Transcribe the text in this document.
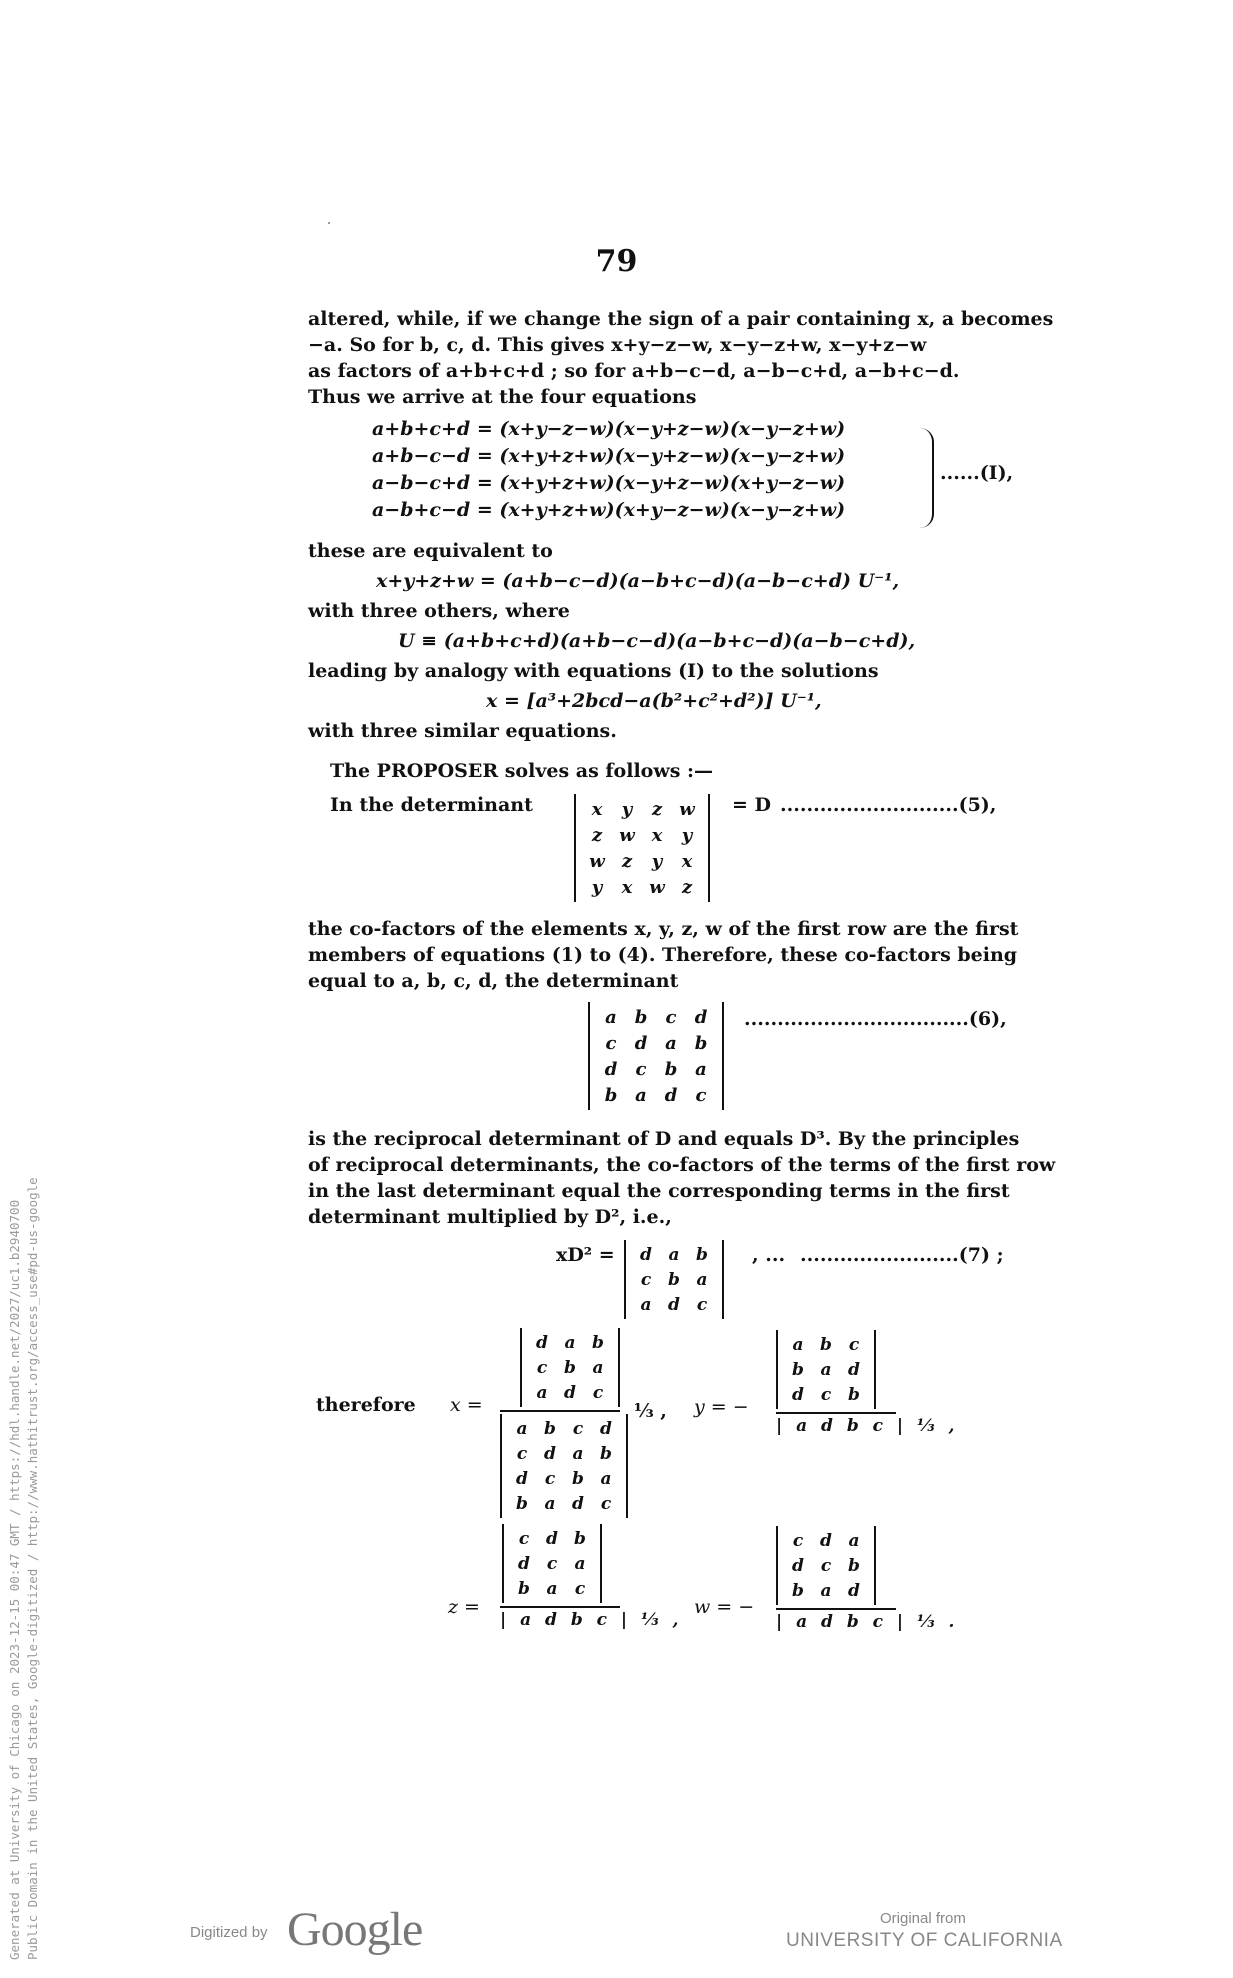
79
altered, while, if we change the sign of a pair containing x, a becomes
−a. So for b, c, d. This gives x+y−z−w, x−y−z+w, x−y+z−w
as factors of a+b+c+d ; so for a+b−c−d, a−b−c+d, a−b+c−d.
Thus we arrive at the four equations
a+b+c+d = (x+y−z−w)(x−y+z−w)(x−y−z+w)
a+b−c−d = (x+y+z+w)(x−y+z−w)(x−y−z+w)
a−b−c+d = (x+y+z+w)(x−y+z−w)(x+y−z−w)
a−b+c−d = (x+y+z+w)(x+y−z−w)(x−y−z+w)
......(I),
these are equivalent to
x+y+z+w = (a+b−c−d)(a−b+c−d)(a−b−c+d) U⁻¹,
with three others, where
U ≡ (a+b+c+d)(a+b−c−d)(a−b+c−d)(a−b−c+d),
leading by analogy with equations (I) to the solutions
x = [a³+2bcd−a(b²+c²+d²)] U⁻¹,
with three similar equations.
The PROPOSER solves as follows :—
In the determinant	x	y	z	w
z	w	x	y
w	z	y	x
y	x	w	z
= D ...........................(5),
the co-factors of the elements x, y, z, w of the first row are the first
members of equations (1) to (4). Therefore, these co-factors being
equal to a, b, c, d, the determinant
a	b	c	d
c	d	a	b
d	c	b	a
b	a	d	c
..................................(6),
is the reciprocal determinant of D and equals D³. By the principles
of reciprocal determinants, the co-factors of the terms of the first row
in the last determinant equal the corresponding terms in the first
determinant multiplied by D², i.e.,
xD² = d	a	b
c	b	a
a	d	c
, ... ........................(7) ;
therefore x =
d	a	b
c	b	a
a	d	c
a	b	c	d
c	d	a	b
d	c	b	a
b	a	d	c
⅓ , y = −
a	b	c
b	a	d
d	c	b
| a d b c | ⅓ ,
z =
c	d	b
d	c	a
b	a	c
| a d b c | ⅓ ,
w = −
c	d	a
d	c	b
b	a	d
| a d b c | ⅓ .
Generated at University of Chicago on 2023-12-15 00:47 GMT / https://hdl.handle.net/2027/uc1.b2940700 Public Domain in the United States, Google-digitized / http://www.hathitrust.org/access_use#pd-us-google	Digitized by Google	Original from
UNIVERSITY OF CALIFORNIA
